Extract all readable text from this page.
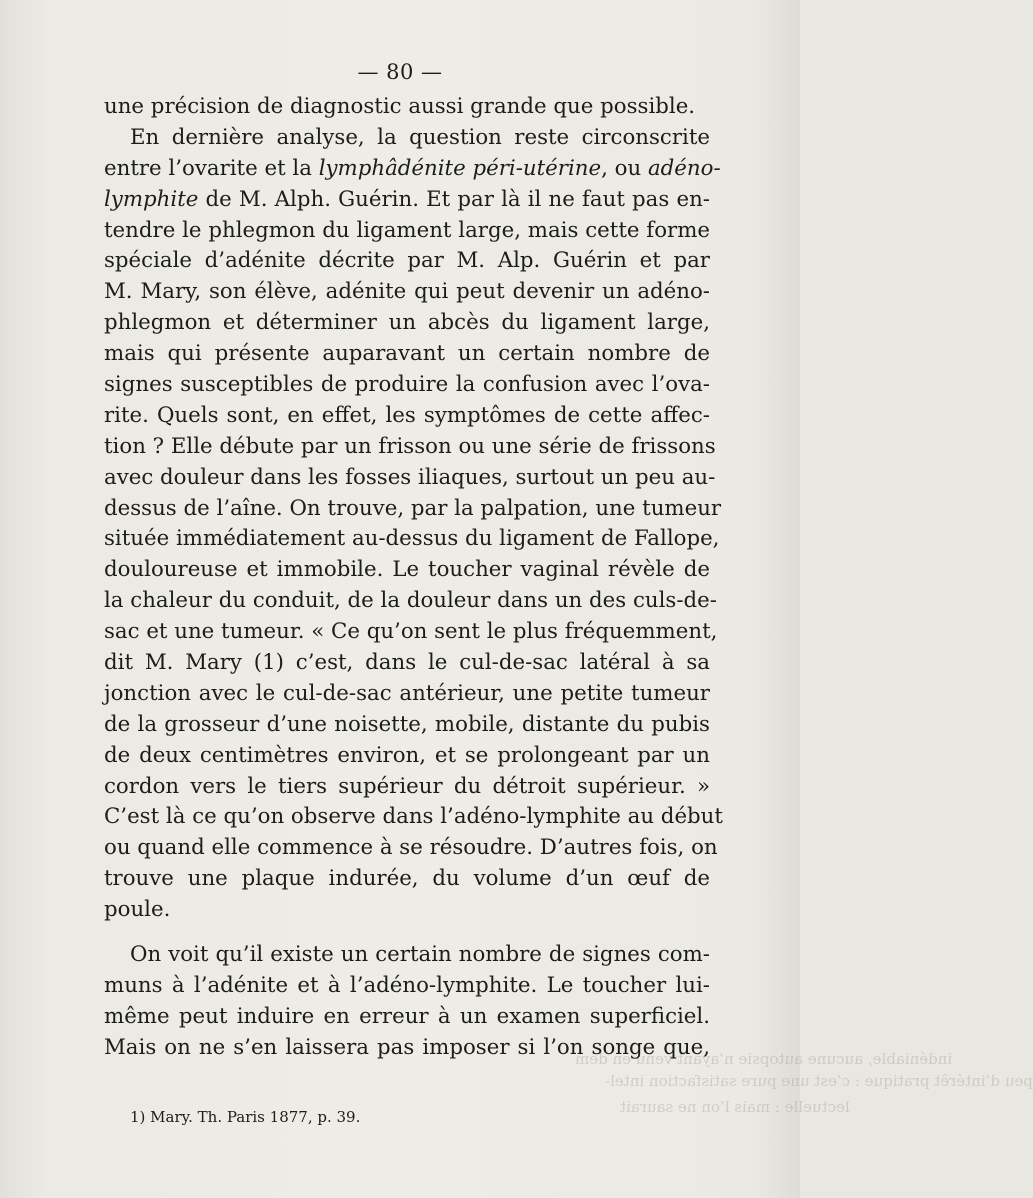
indéniable, aucune autopsie n’ayant venu en dém
peu d’intérêt pratique : c’est une pure satisfaction intel-
lectuelle : mais l’on ne saurait
— 80 —
une précision de diagnostic aussi grande que possible.
En dernière analyse, la question reste circonscrite
entre l’ovarite et la lymphâdénite péri-utérine, ou adéno-
lymphite de M. Alph. Guérin. Et par là il ne faut pas en-
tendre le phlegmon du ligament large, mais cette forme
spéciale d’adénite décrite par M. Alp. Guérin et par
M. Mary, son élève, adénite qui peut devenir un adéno-
phlegmon et déterminer un abcès du ligament large,
mais qui présente auparavant un certain nombre de
signes susceptibles de produire la confusion avec l’ova-
rite. Quels sont, en effet, les symptômes de cette affec-
tion ? Elle débute par un frisson ou une série de frissons
avec douleur dans les fosses iliaques, surtout un peu au-
dessus de l’aîne. On trouve, par la palpation, une tumeur
située immédiatement au-dessus du ligament de Fallope,
douloureuse et immobile. Le toucher vaginal révèle de
la chaleur du conduit, de la douleur dans un des culs-de-
sac et une tumeur. « Ce qu’on sent le plus fréquemment,
dit M. Mary (1) c’est, dans le cul-de-sac latéral à sa
jonction avec le cul-de-sac antérieur, une petite tumeur
de la grosseur d’une noisette, mobile, distante du pubis
de deux centimètres environ, et se prolongeant par un
cordon vers le tiers supérieur du détroit supérieur. »
C’est là ce qu’on observe dans l’adéno-lymphite au début
ou quand elle commence à se résoudre. D’autres fois, on
trouve une plaque indurée, du volume d’un œuf de
poule.
On voit qu’il existe un certain nombre de signes com-
muns à l’adénite et à l’adéno-lymphite. Le toucher lui-
même peut induire en erreur à un examen superficiel.
Mais on ne s’en laissera pas imposer si l’on songe que,
1) Mary. Th. Paris 1877, p. 39.
